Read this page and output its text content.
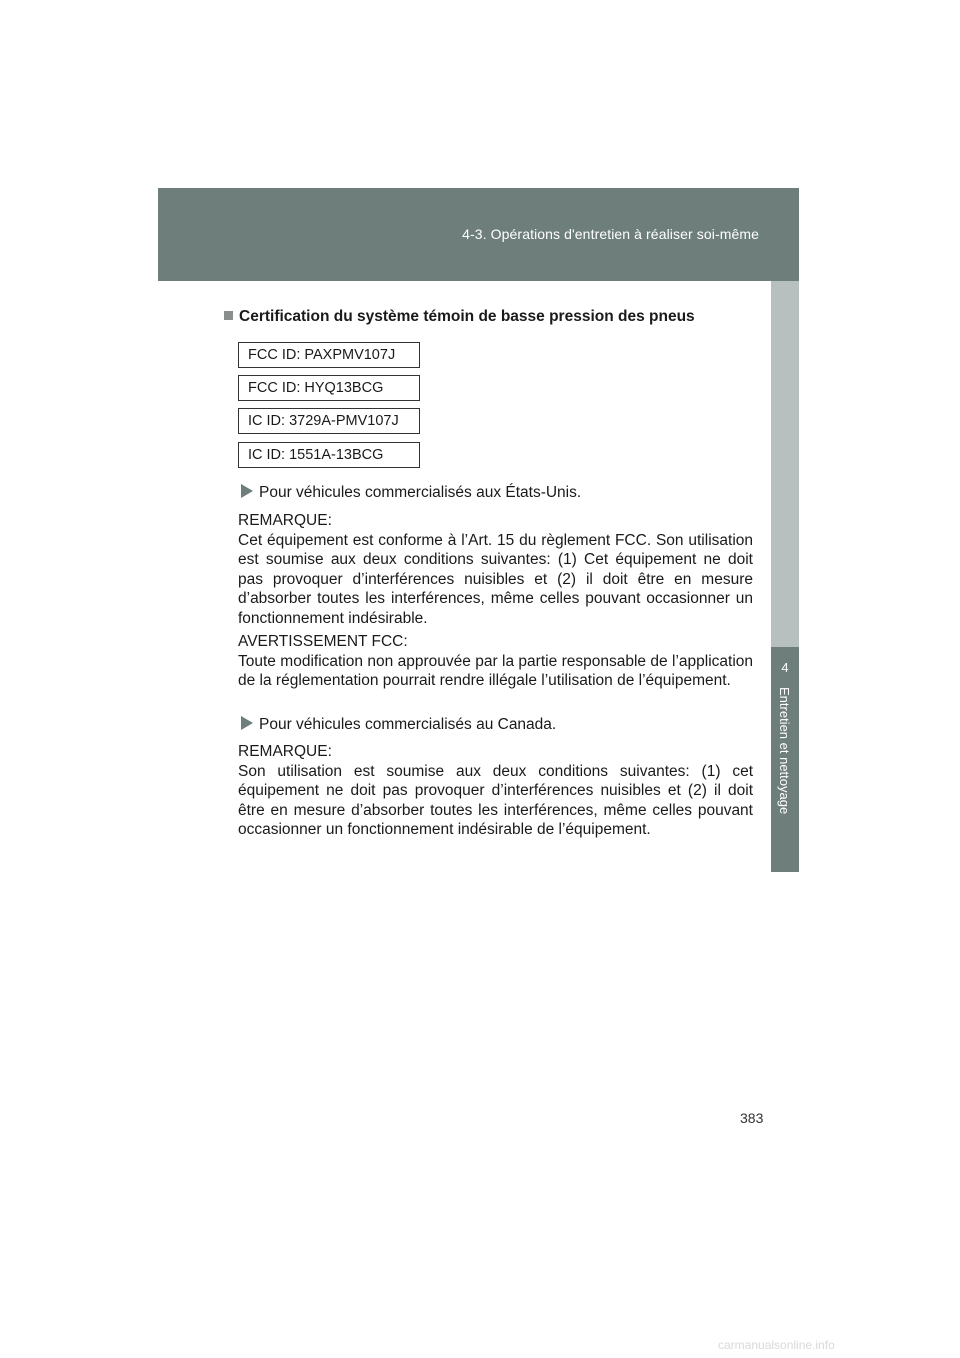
4-3. Opérations d'entretien à réaliser soi-même
4
Entretien et nettoyage
Certification du système témoin de basse pression des pneus
FCC ID: PAXPMV107J
FCC ID: HYQ13BCG
IC ID: 3729A-PMV107J
IC ID: 1551A-13BCG
Pour véhicules commercialisés aux États-Unis.
REMARQUE:
Cet équipement est conforme à l’Art. 15 du règlement FCC. Son utilisation est soumise aux deux conditions suivantes: (1) Cet équipement ne doit pas provoquer d’interférences nuisibles et (2) il doit être en mesure d’absorber toutes les interférences, même celles pouvant occasionner un fonctionnement indésirable.
AVERTISSEMENT FCC:
Toute modification non approuvée par la partie responsable de l’application de la réglementation pourrait rendre illégale l’utilisation de l’équipement.
Pour véhicules commercialisés au Canada.
REMARQUE:
Son utilisation est soumise aux deux conditions suivantes: (1) cet équipement ne doit pas provoquer d’interférences nuisibles et (2) il doit être en mesure d’absorber toutes les interférences, même celles pouvant occasionner un fonctionnement indésirable de l’équipement.
383
carmanualsonline.info
